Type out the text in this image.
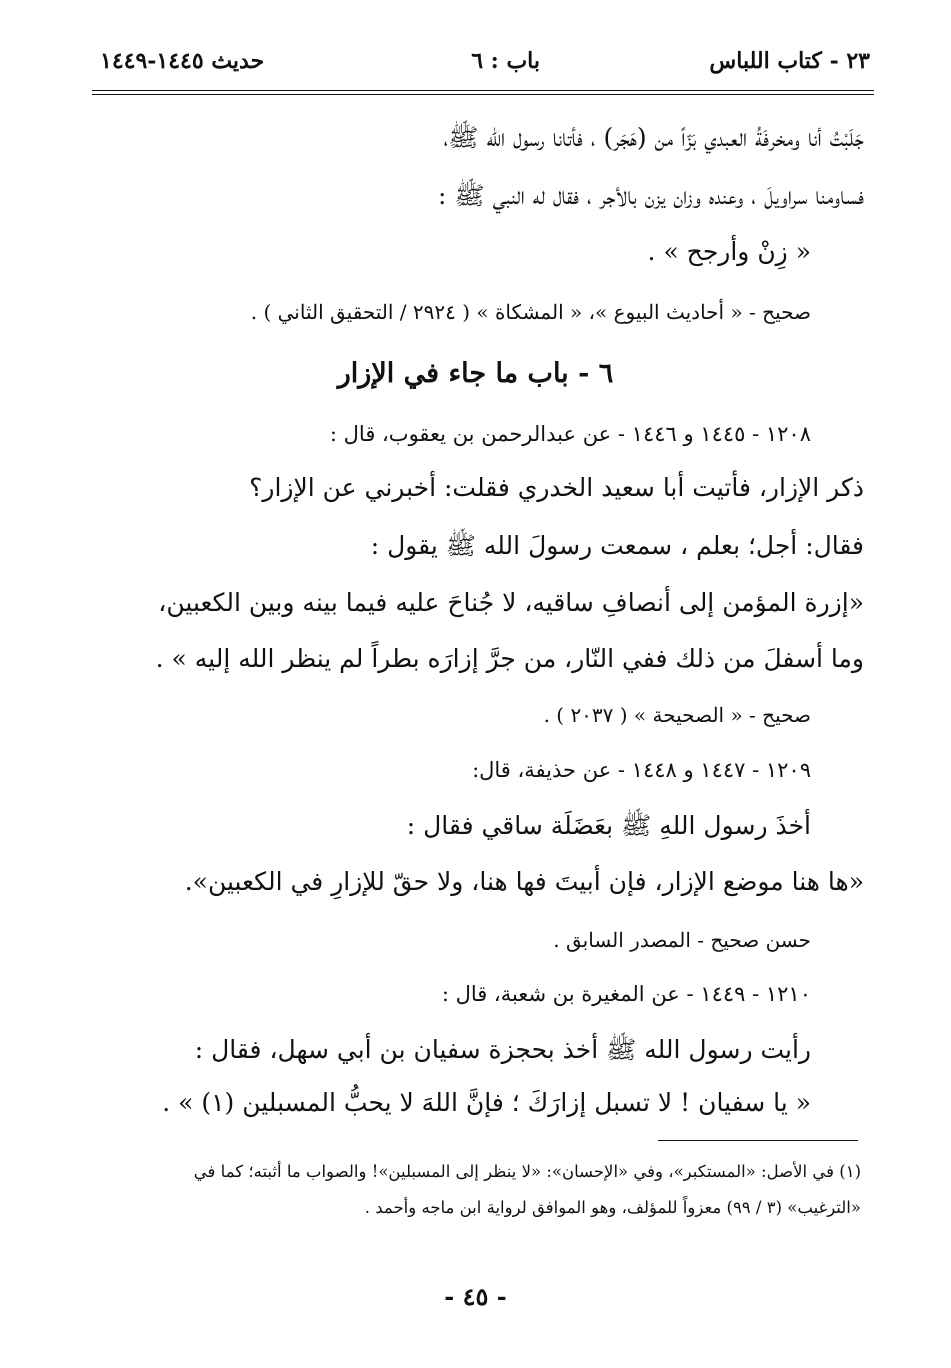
٢٣ - كتاب اللباس
باب : ٦
حديث ١٤٤٥-١٤٤٩
جَلَبْتُ أنا ومخرفَةُ العبدي بَزّاً من (هَجَر) ، فأتانا رسول الله ﷺ،
فساومنا سراويلَ ، وعنده وزان يزن بالأجر ، فقال له النبي ﷺ :
« زِنْ وأرجح » .
صحيح - « أحاديث البيوع »، « المشكاة » ( ٢٩٢٤ / التحقيق الثاني ) .
٦ - باب ما جاء في الإزار
١٢٠٨ - ١٤٤٥ و ١٤٤٦ - عن عبدالرحمن بن يعقوب، قال :
ذكر الإزار، فأتيت أبا سعيد الخدري فقلت: أخبرني عن الإزار؟
فقال: أجل؛ بعلم ، سمعت رسولَ الله ﷺ يقول :
«إزرة المؤمن إلى أنصافِ ساقيه، لا جُناحَ عليه فيما بينه وبين الكعبين،
وما أسفلَ من ذلك ففي النّار، من جرَّ إزارَه بطراً لم ينظر الله إليه » .
صحيح - « الصحيحة » ( ٢٠٣٧ ) .
١٢٠٩ - ١٤٤٧ و ١٤٤٨ - عن حذيفة، قال:
أخذَ رسول اللهِ ﷺ بعَضَلَة ساقي فقال :
«ها هنا موضع الإزار، فإن أبيتَ فها هنا، ولا حقّ للإزارِ في الكعبين».
حسن صحيح - المصدر السابق .
١٢١٠ - ١٤٤٩ - عن المغيرة بن شعبة، قال :
رأيت رسول الله ﷺ أخذ بحجزة سفيان بن أبي سهل، فقال :
« يا سفيان ! لا تسبل إزارَكَ ؛ فإنَّ اللهَ لا يحبُّ المسبلين (١) » .
(١) في الأصل: «المستكبر»، وفي «الإحسان»: «لا ينظر إلى المسبلين»! والصواب ما أثبته؛ كما في
«الترغيب» (٣ / ٩٩) معزواً للمؤلف، وهو الموافق لرواية ابن ماجه وأحمد .
- ٤٥ -
